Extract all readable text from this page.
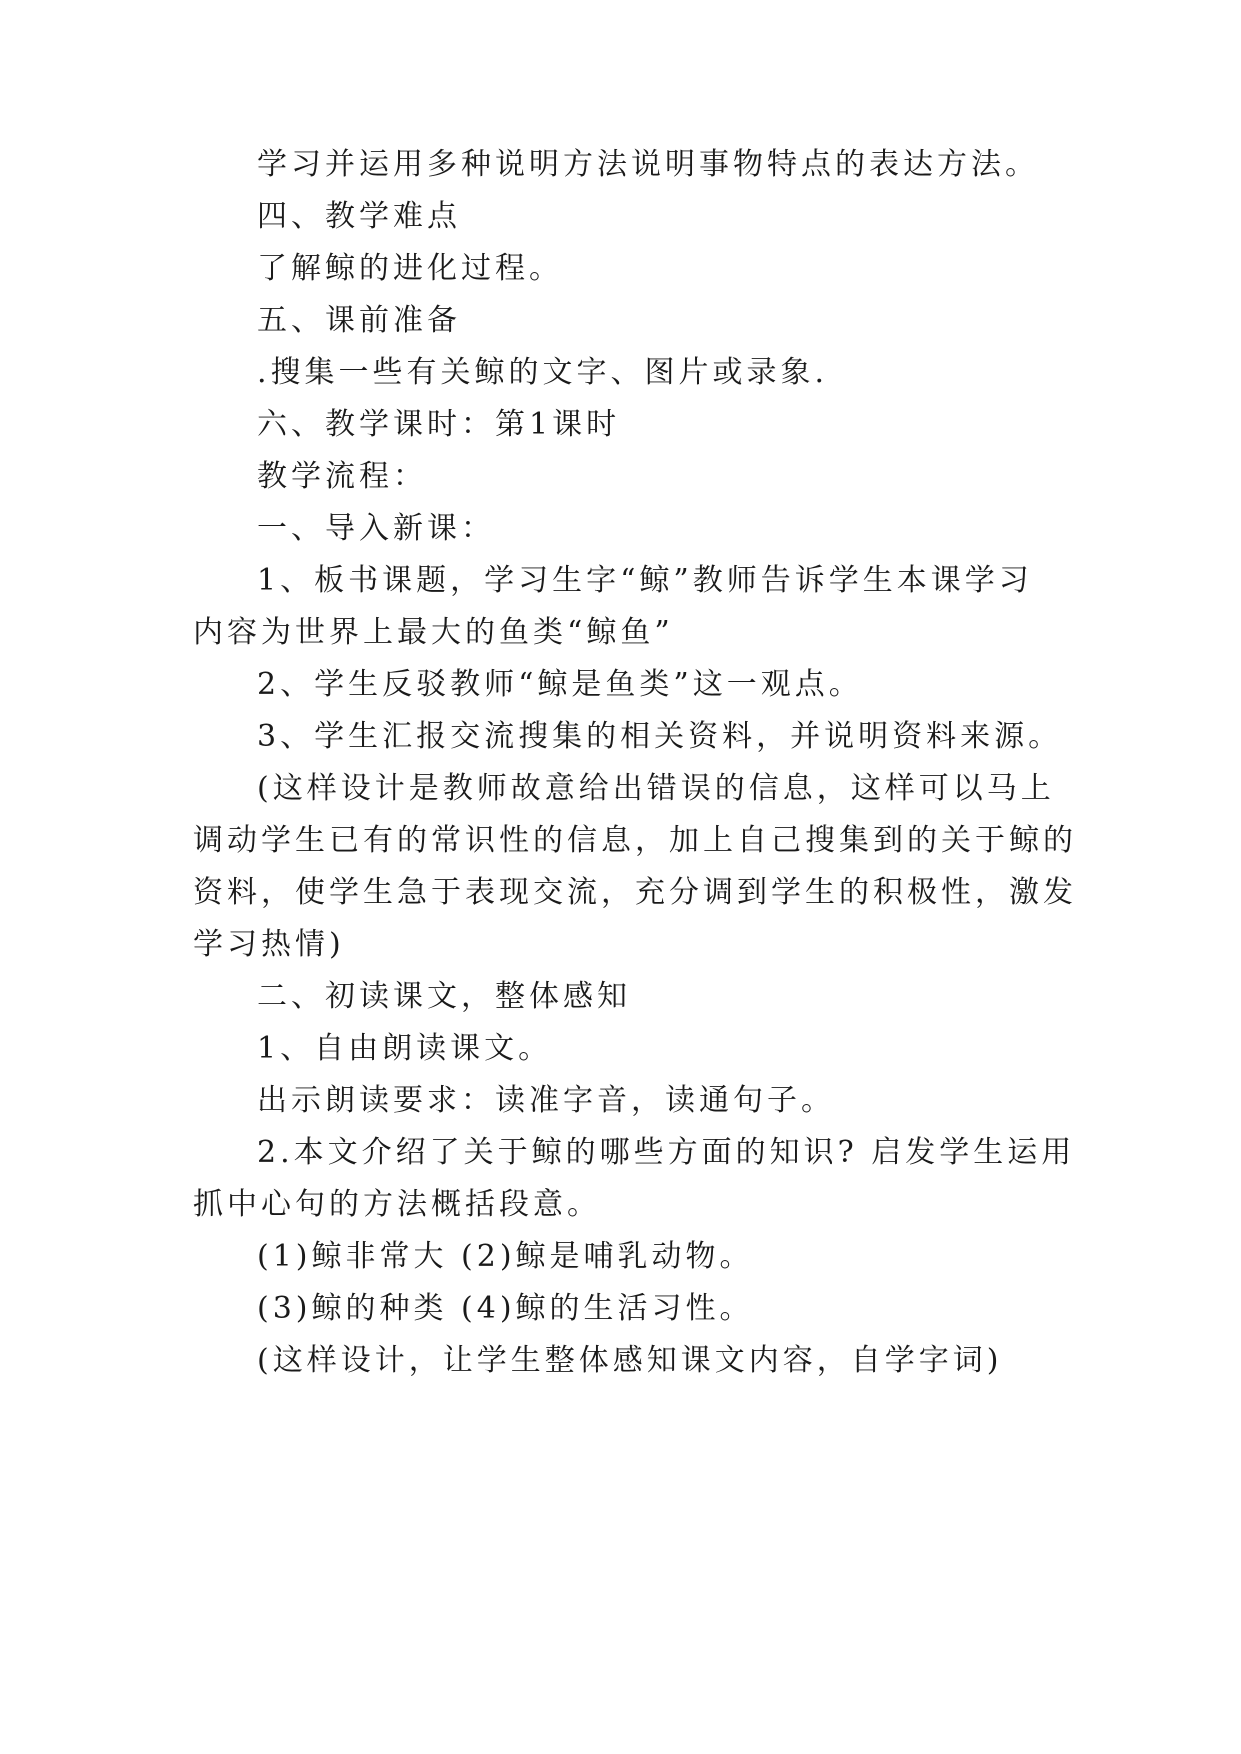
学习并运用多种说明方法说明事物特点的表达方法。
四、教学难点
了解鲸的进化过程。
五、课前准备
.搜集一些有关鲸的文字、图片或录象.
六、教学课时：第1课时
教学流程：
一、导入新课：
1、板书课题，学习生字“鲸”教师告诉学生本课学习
内容为世界上最大的鱼类“鲸鱼”
2、学生反驳教师“鲸是鱼类”这一观点。
3、学生汇报交流搜集的相关资料，并说明资料来源。
(这样设计是教师故意给出错误的信息，这样可以马上
调动学生已有的常识性的信息，加上自己搜集到的关于鲸的
资料，使学生急于表现交流，充分调到学生的积极性，激发
学习热情)
二、初读课文，整体感知
1、自由朗读课文。
出示朗读要求：读准字音，读通句子。
2.本文介绍了关于鲸的哪些方面的知识? 启发学生运用
抓中心句的方法概括段意。
(1)鲸非常大 (2)鲸是哺乳动物。
(3)鲸的种类 (4)鲸的生活习性。
(这样设计，让学生整体感知课文内容，自学字词)
